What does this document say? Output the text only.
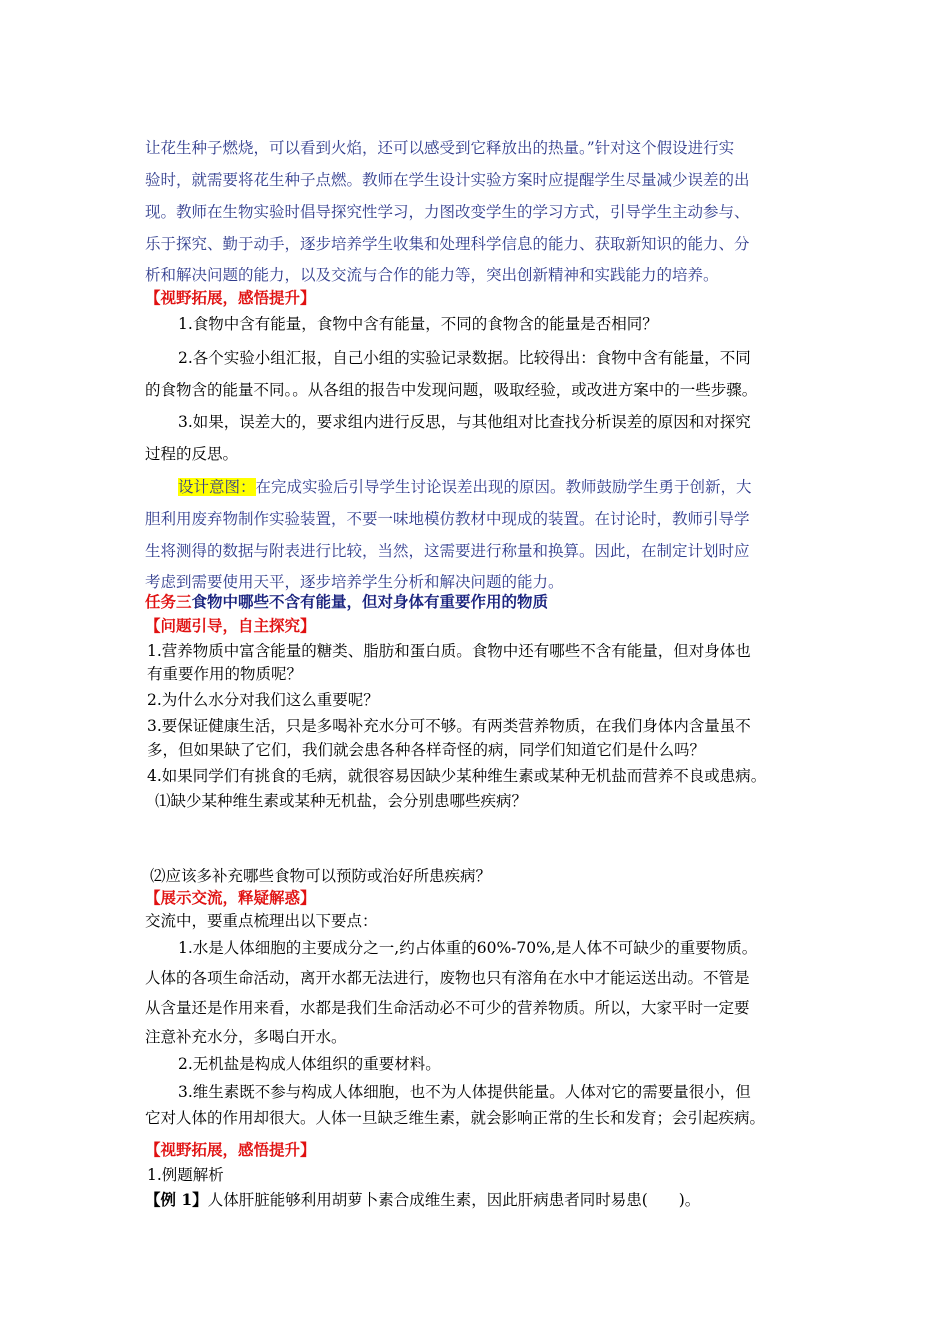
让花生种子燃烧，可以看到火焰，还可以感受到它释放出的热量。”针对这个假设进行实
验时，就需要将花生种子点燃。教师在学生设计实验方案时应提醒学生尽量减少误差的出
现。教师在生物实验时倡导探究性学习，力图改变学生的学习方式，引导学生主动参与、
乐于探究、勤于动手，逐步培养学生收集和处理科学信息的能力、获取新知识的能力、分
析和解决问题的能力，以及交流与合作的能力等，突出创新精神和实践能力的培养。
【视野拓展，感悟提升】
1.食物中含有能量，食物中含有能量，不同的食物含的能量是否相同？
2.各个实验小组汇报，自己小组的实验记录数据。比较得出：食物中含有能量，不同
的食物含的能量不同。。从各组的报告中发现问题，吸取经验，或改进方案中的一些步骤。
3.如果，误差大的，要求组内进行反思，与其他组对比查找分析误差的原因和对探究
过程的反思。
设计意图：在完成实验后引导学生讨论误差出现的原因。教师鼓励学生勇于创新，大
胆利用废弃物制作实验装置，不要一味地模仿教材中现成的装置。在讨论时，教师引导学
生将测得的数据与附表进行比较，当然，这需要进行称量和换算。因此，在制定计划时应
考虑到需要使用天平，逐步培养学生分析和解决问题的能力。
任务三食物中哪些不含有能量，但对身体有重要作用的物质
【问题引导，自主探究】
1.营养物质中富含能量的糖类、脂肪和蛋白质。食物中还有哪些不含有能量，但对身体也
有重要作用的物质呢？
2.为什么水分对我们这么重要呢？
3.要保证健康生活，只是多喝补充水分可不够。有两类营养物质，在我们身体内含量虽不
多，但如果缺了它们，我们就会患各种各样奇怪的病，同学们知道它们是什么吗？
4.如果同学们有挑食的毛病，就很容易因缺少某种维生素或某种无机盐而营养不良或患病。
⑴缺少某种维生素或某种无机盐，会分别患哪些疾病？
⑵应该多补充哪些食物可以预防或治好所患疾病？
【展示交流，释疑解惑】
交流中，要重点梳理出以下要点：
1.水是人体细胞的主要成分之一,约占体重的60%-70%,是人体不可缺少的重要物质。
人体的各项生命活动，离开水都无法进行，废物也只有溶角在水中才能运送出动。不管是
从含量还是作用来看，水都是我们生命活动必不可少的营养物质。所以，大家平时一定要
注意补充水分，多喝白开水。
2.无机盐是构成人体组织的重要材料。
3.维生素既不参与构成人体细胞，也不为人体提供能量。人体对它的需要量很小，但
它对人体的作用却很大。人体一旦缺乏维生素，就会影响正常的生长和发育；会引起疾病。
【视野拓展，感悟提升】
1.例题解析
【例 1】人体肝脏能够利用胡萝卜素合成维生素，因此肝病患者同时易患(　　)。
